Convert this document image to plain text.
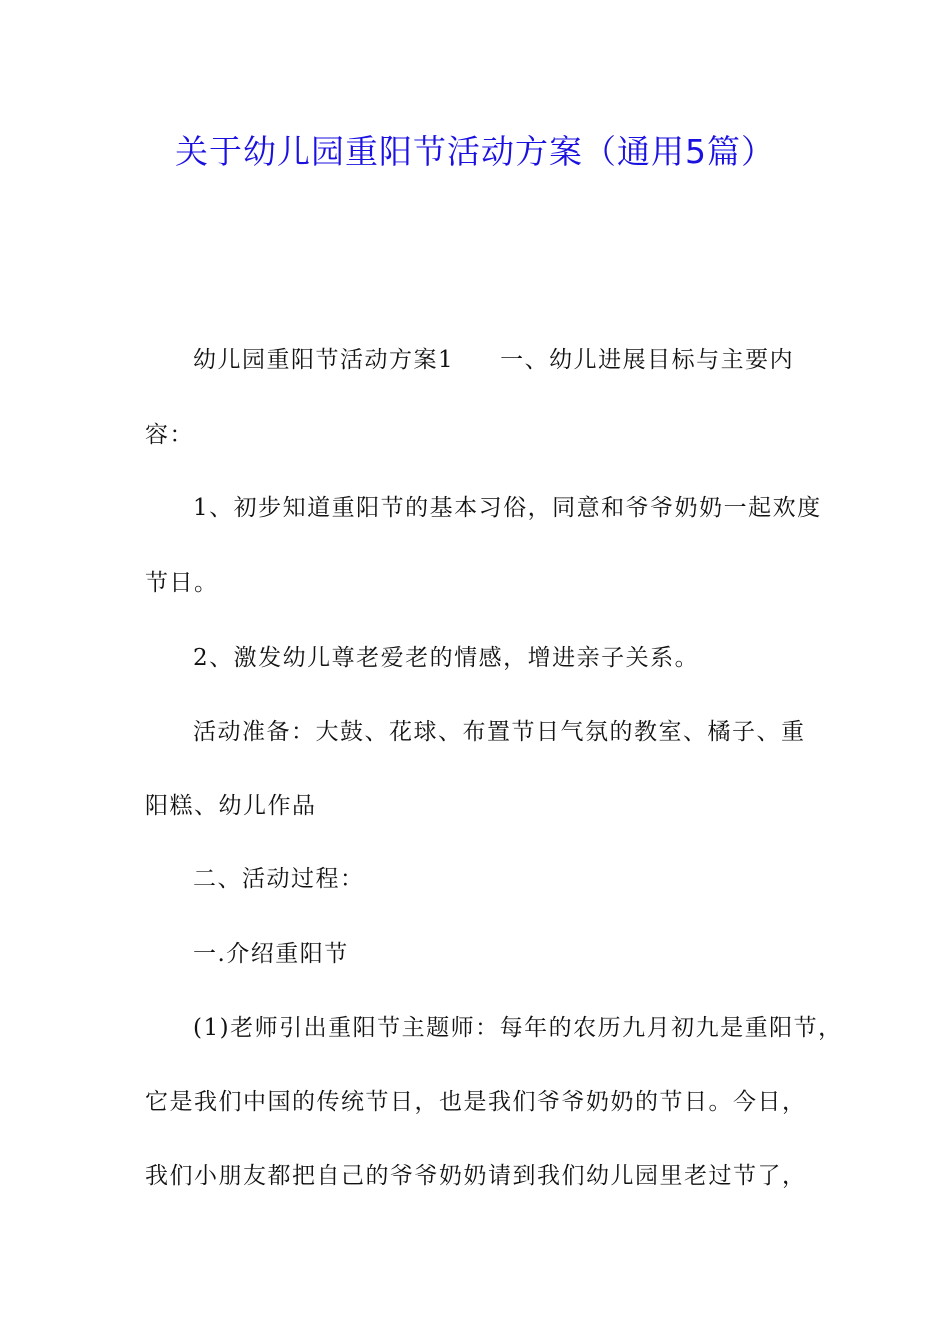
关于幼儿园重阳节活动方案（通用5篇）
幼儿园重阳节活动方案1 一、幼儿进展目标与主要内
容：
1、初步知道重阳节的基本习俗，同意和爷爷奶奶一起欢度
节日。
2、激发幼儿尊老爱老的情感，增进亲子关系。
活动准备：大鼓、花球、布置节日气氛的教室、橘子、重
阳糕、幼儿作品
二、活动过程：
一.介绍重阳节
(1)老师引出重阳节主题师：每年的农历九月初九是重阳节，
它是我们中国的传统节日，也是我们爷爷奶奶的节日。今日，
我们小朋友都把自己的爷爷奶奶请到我们幼儿园里老过节了，
